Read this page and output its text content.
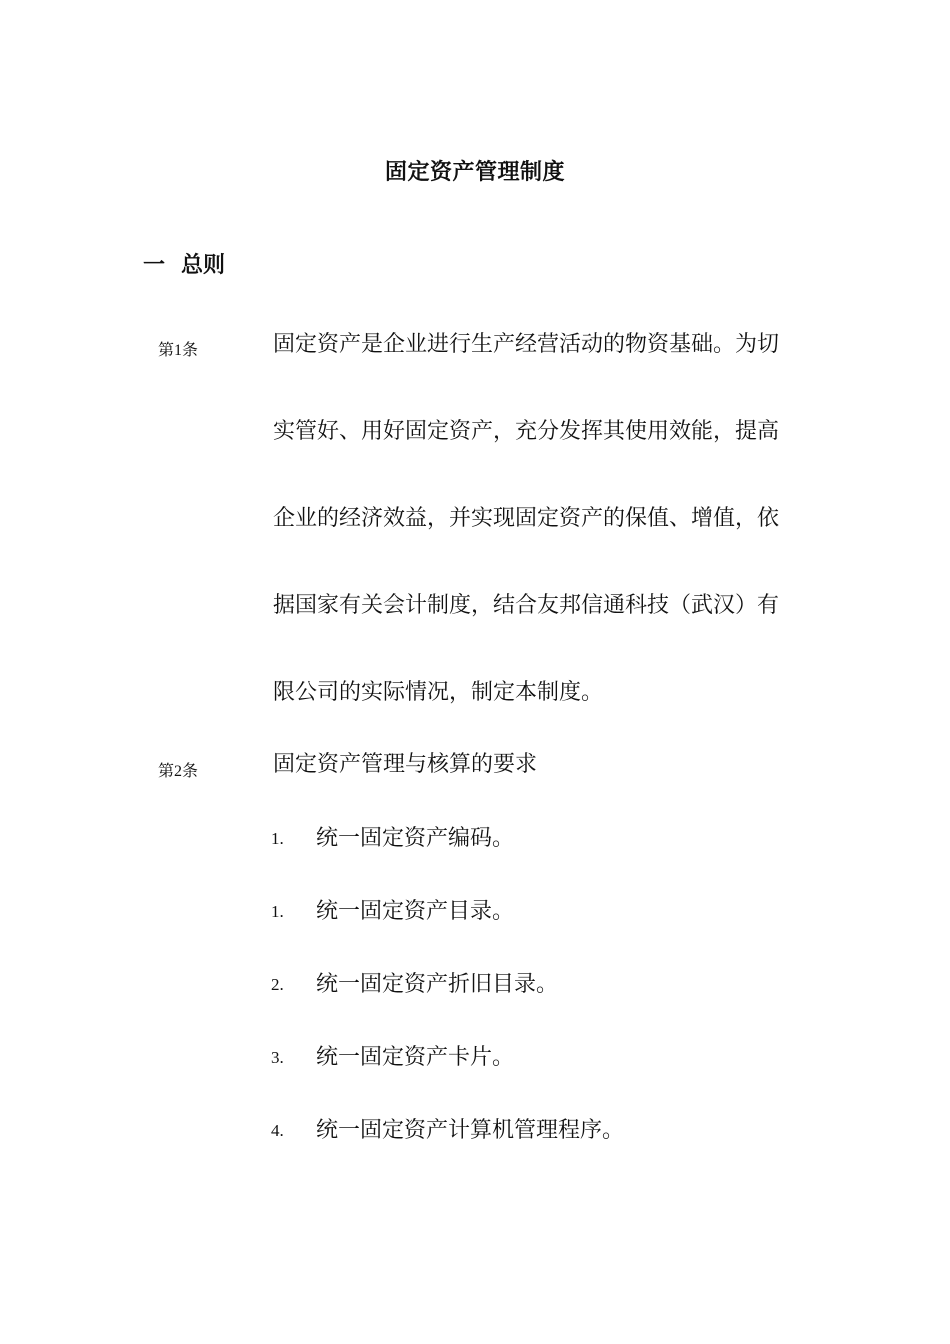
固定资产管理制度
一 总则
第1条	固定资产是企业进行生产经营活动的物资基础。为切
实管好、用好固定资产，充分发挥其使用效能，提高
企业的经济效益，并实现固定资产的保值、增值，依
据国家有关会计制度，结合友邦信通科技（武汉）有
限公司的实际情况，制定本制度。
第2条	固定资产管理与核算的要求
1. 统一固定资产编码。
1. 统一固定资产目录。
2. 统一固定资产折旧目录。
3. 统一固定资产卡片。
4. 统一固定资产计算机管理程序。
